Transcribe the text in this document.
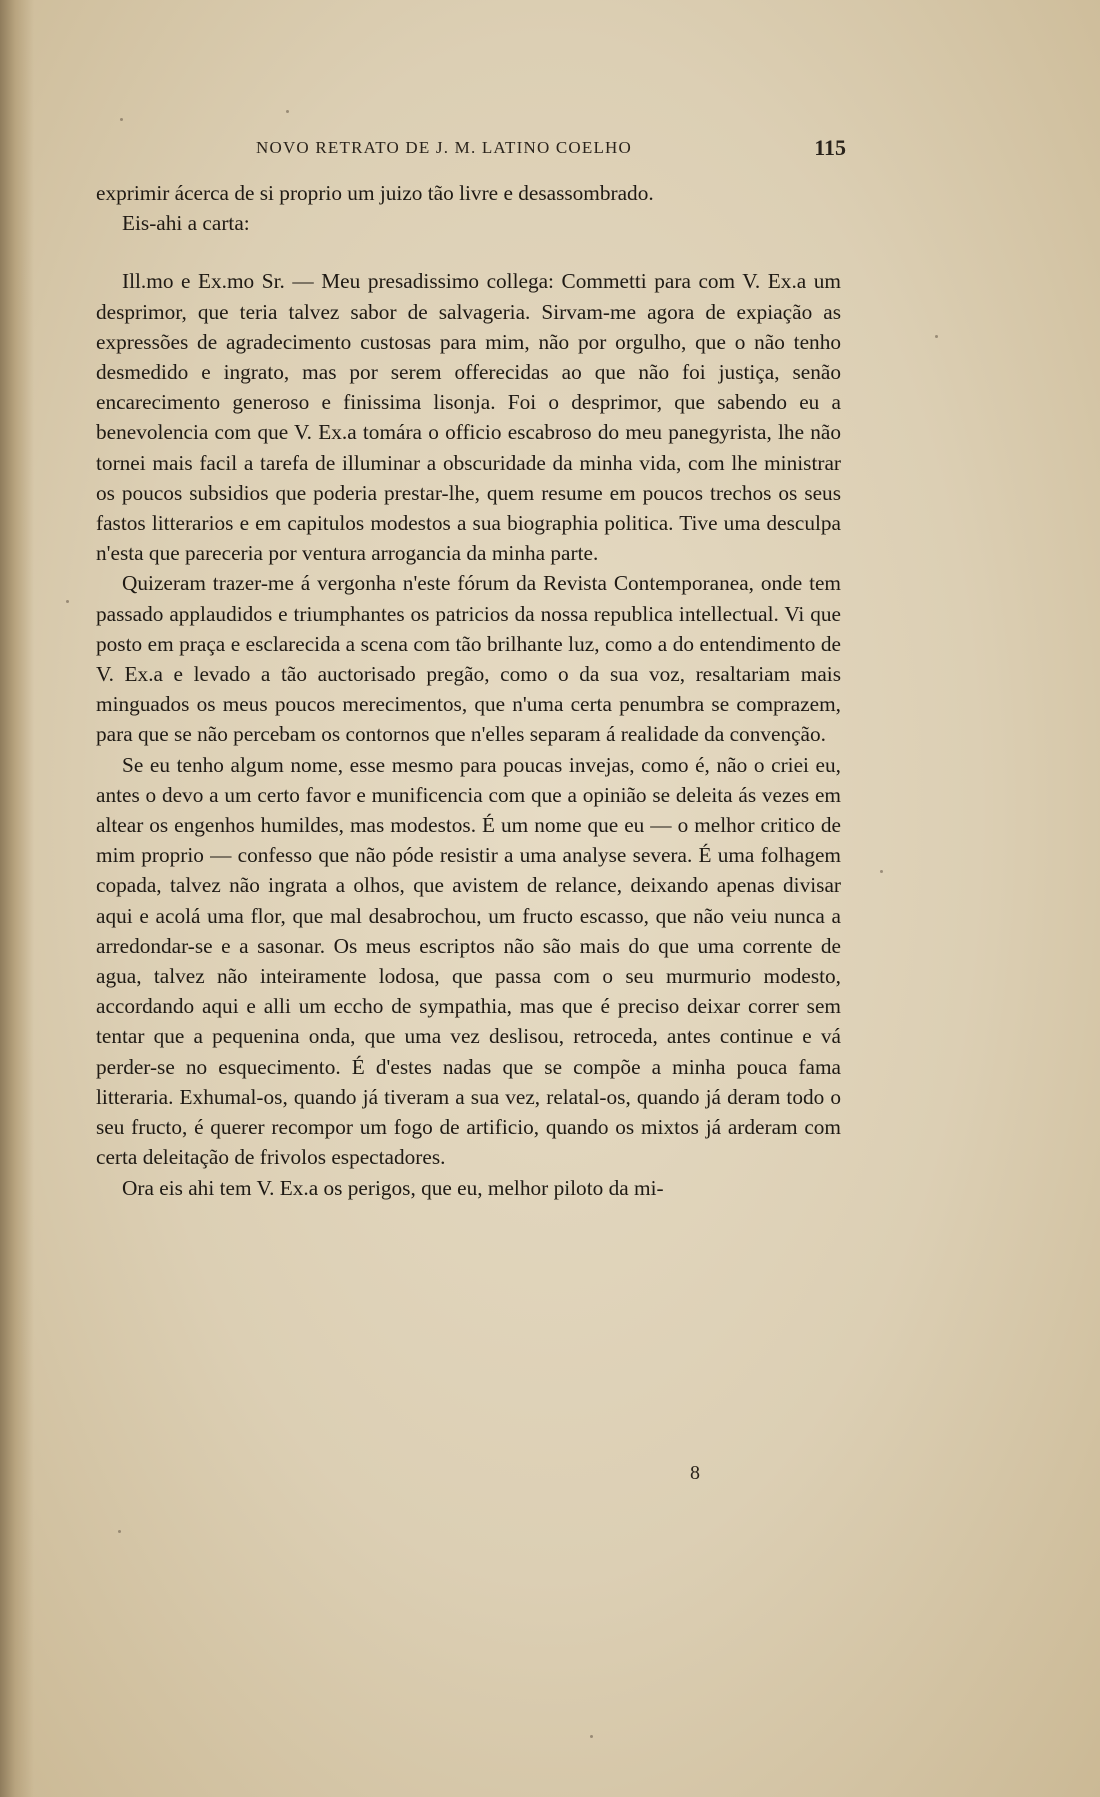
NOVO RETRATO DE J. M. LATINO COELHO	115

exprimir ácerca de si proprio um juizo tão livre e desassombrado.

Eis-ahi a carta:

Ill.mo e Ex.mo Sr. — Meu presadissimo collega: Commetti para com V. Ex.a um desprimor, que teria talvez sabor de salvageria. Sirvam-me agora de expiação as expressões de agradecimento custosas para mim, não por orgulho, que o não tenho desmedido e ingrato, mas por serem offerecidas ao que não foi justiça, senão encarecimento generoso e finissima lisonja. Foi o desprimor, que sabendo eu a benevolencia com que V. Ex.a tomára o officio escabroso do meu panegyrista, lhe não tornei mais facil a tarefa de illuminar a obscuridade da minha vida, com lhe ministrar os poucos subsidios que poderia prestar-lhe, quem resume em poucos trechos os seus fastos litterarios e em capitulos modestos a sua biographia politica. Tive uma desculpa n'esta que pareceria por ventura arrogancia da minha parte.

Quizeram trazer-me á vergonha n'este fórum da Revista Contemporanea, onde tem passado applaudidos e triumphantes os patricios da nossa republica intellectual. Vi que posto em praça e esclarecida a scena com tão brilhante luz, como a do entendimento de V. Ex.a e levado a tão auctorisado pregão, como o da sua voz, resaltariam mais minguados os meus poucos merecimentos, que n'uma certa penumbra se comprazem, para que se não percebam os contornos que n'elles separam á realidade da convenção.

Se eu tenho algum nome, esse mesmo para poucas invejas, como é, não o criei eu, antes o devo a um certo favor e munificencia com que a opinião se deleita ás vezes em altear os engenhos humildes, mas modestos. É um nome que eu — o melhor critico de mim proprio — confesso que não póde resistir a uma analyse severa. É uma folhagem copada, talvez não ingrata a olhos, que avistem de relance, deixando apenas divisar aqui e acolá uma flor, que mal desabrochou, um fructo escasso, que não veiu nunca a arredondar-se e a sasonar. Os meus escriptos não são mais do que uma corrente de agua, talvez não inteiramente lodosa, que passa com o seu murmurio modesto, accordando aqui e alli um eccho de sympathia, mas que é preciso deixar correr sem tentar que a pequenina onda, que uma vez deslisou, retroceda, antes continue e vá perder-se no esquecimento. É d'estes nadas que se compõe a minha pouca fama litteraria. Exhumal-os, quando já tiveram a sua vez, relatal-os, quando já deram todo o seu fructo, é querer recompor um fogo de artificio, quando os mixtos já arderam com certa deleitação de frivolos espectadores.

Ora eis ahi tem V. Ex.a os perigos, que eu, melhor piloto da mi-

8
